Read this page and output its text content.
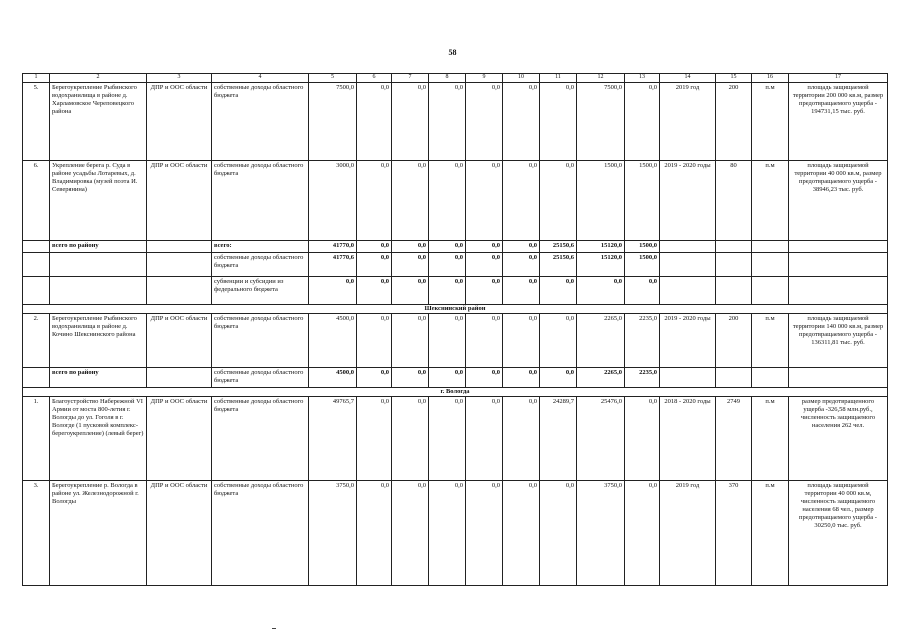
58
1	2	3	4	5	6	7	8	9	10	11	12	13	14	15	16	17
5.	Берегоукрепление Рыбинского водохранилища в районе д. Харламовское Череповецкого района	ДПР и ООС области	собственные доходы областного бюджета	7500,0	0,0	0,0	0,0	0,0	0,0	0,0	7500,0	0,0	2019 год	200	п.м	площадь защищаемой территории 200 000 кв.м, размер предотвращаемого ущерба - 194731,15 тыс. руб.
6.	Укрепление берега р. Суда в районе усадьбы Лотаревых, д. Владимировка (музей поэта И. Северянина)	ДПР и ООС области	собственные доходы областного бюджета	3000,0	0,0	0,0	0,0	0,0	0,0	0,0	1500,0	1500,0	2019 - 2020 годы	80	п.м	площадь защищаемой территории 40 000 кв.м, размер предотвращаемого ущерба - 38946,23 тыс. руб.
	всего по району		всего:	41770,0	0,0	0,0	0,0	0,0	0,0	25150,6	15120,0	1500,0				
			собственные доходы областного бюджета	41770,6	0,0	0,0	0,0	0,0	0,0	25150,6	15120,0	1500,0				
			субвенции и субсидии из федерального бюджета	0,0	0,0	0,0	0,0	0,0	0,0	0,0	0,0	0,0				
Шекснинский район																
2.	Берегоукрепление Рыбинского водохранилища в районе д. Кочино Шекснинского района	ДПР и ООС области	собственные доходы областного бюджета	4500,0	0,0	0,0	0,0	0,0	0,0	0,0	2265,0	2235,0	2019 - 2020 годы	200	п.м	площадь защищаемой территории 140 000 кв.м, размер предотвращаемого ущерба - 136311,81 тыс. руб.
	всего по району		собственные доходы областного бюджета	4500,0	0,0	0,0	0,0	0,0	0,0	0,0	2265,0	2235,0				
г. Вологда																
1.	Благоустройство Набережной VI Армии от моста 800-летия г. Вологды до ул. Гоголя в г. Вологде (1 пусковой комплекс-берегоукрепление) (левый берег)	ДПР и ООС области	собственные доходы областного бюджета	49765,7	0,0	0,0	0,0	0,0	0,0	24289,7	25476,0	0,0	2018 - 2020 годы	2749	п.м	размер предотвращенного ущерба -326,58 млн.руб., численность защищаемого населения 262 чел.
3.	Берегоукрепление р. Вологда в районе ул. Железнодорожной г. Вологды	ДПР и ООС области	собственные доходы областного бюджета	3750,0	0,0	0,0	0,0	0,0	0,0	0,0	3750,0	0,0	2019 год	370	п.м	площадь защищаемой территории 40 000 кв.м, численность защищаемого населения 68 чел., размер предотвращаемого ущерба - 30250,0 тыс. руб.
